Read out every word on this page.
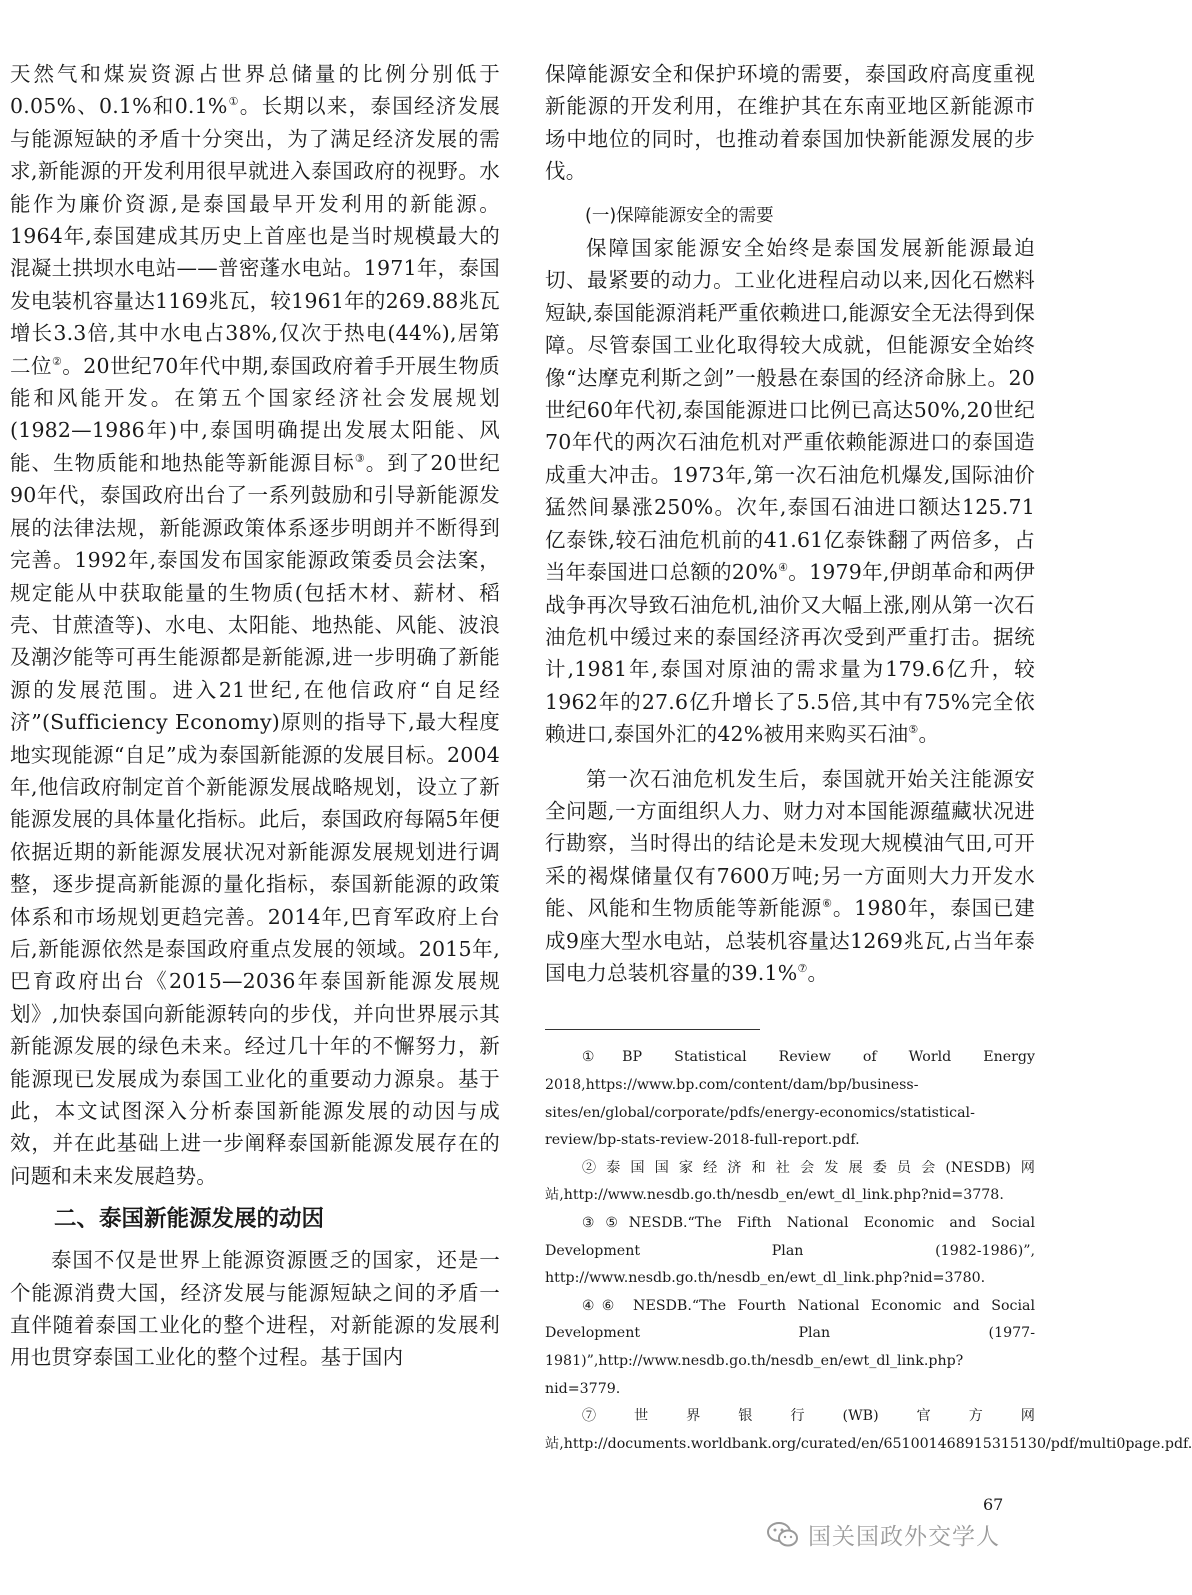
天然气和煤炭资源占世界总储量的比例分别低于0.05%、0.1%和0.1%①。长期以来，泰国经济发展与能源短缺的矛盾十分突出，为了满足经济发展的需求,新能源的开发利用很早就进入泰国政府的视野。水能作为廉价资源,是泰国最早开发利用的新能源。1964年,泰国建成其历史上首座也是当时规模最大的混凝土拱坝水电站——普密蓬水电站。1971年，泰国发电装机容量达1169兆瓦，较1961年的269.88兆瓦增长3.3倍,其中水电占38%,仅次于热电(44%),居第二位②。20世纪70年代中期,泰国政府着手开展生物质能和风能开发。在第五个国家经济社会发展规划(1982—1986年)中,泰国明确提出发展太阳能、风能、生物质能和地热能等新能源目标③。到了20世纪90年代，泰国政府出台了一系列鼓励和引导新能源发展的法律法规，新能源政策体系逐步明朗并不断得到完善。1992年,泰国发布国家能源政策委员会法案，规定能从中获取能量的生物质(包括木材、薪材、稻壳、甘蔗渣等)、水电、太阳能、地热能、风能、波浪及潮汐能等可再生能源都是新能源,进一步明确了新能源的发展范围。进入21世纪,在他信政府“自足经济”(Sufficiency Economy)原则的指导下,最大程度地实现能源“自足”成为泰国新能源的发展目标。2004年,他信政府制定首个新能源发展战略规划，设立了新能源发展的具体量化指标。此后，泰国政府每隔5年便依据近期的新能源发展状况对新能源发展规划进行调整，逐步提高新能源的量化指标，泰国新能源的政策体系和市场规划更趋完善。2014年,巴育军政府上台后,新能源依然是泰国政府重点发展的领域。2015年,巴育政府出台《2015—2036年泰国新能源发展规划》,加快泰国向新能源转向的步伐，并向世界展示其新能源发展的绿色未来。经过几十年的不懈努力，新能源现已发展成为泰国工业化的重要动力源泉。基于此，本文试图深入分析泰国新能源发展的动因与成效，并在此基础上进一步阐释泰国新能源发展存在的问题和未来发展趋势。

二、泰国新能源发展的动因

泰国不仅是世界上能源资源匮乏的国家，还是一个能源消费大国，经济发展与能源短缺之间的矛盾一直伴随着泰国工业化的整个进程，对新能源的发展利用也贯穿泰国工业化的整个过程。基于国内

保障能源安全和保护环境的需要，泰国政府高度重视新能源的开发利用，在维护其在东南亚地区新能源市场中地位的同时，也推动着泰国加快新能源发展的步伐。

(一)保障能源安全的需要

保障国家能源安全始终是泰国发展新能源最迫切、最紧要的动力。工业化进程启动以来,因化石燃料短缺,泰国能源消耗严重依赖进口,能源安全无法得到保障。尽管泰国工业化取得较大成就，但能源安全始终像“达摩克利斯之剑”一般悬在泰国的经济命脉上。20世纪60年代初,泰国能源进口比例已高达50%,20世纪70年代的两次石油危机对严重依赖能源进口的泰国造成重大冲击。1973年,第一次石油危机爆发,国际油价猛然间暴涨250%。次年,泰国石油进口额达125.71亿泰铢,较石油危机前的41.61亿泰铢翻了两倍多，占当年泰国进口总额的20%④。1979年,伊朗革命和两伊战争再次导致石油危机,油价又大幅上涨,刚从第一次石油危机中缓过来的泰国经济再次受到严重打击。据统计,1981年,泰国对原油的需求量为179.6亿升，较1962年的27.6亿升增长了5.5倍,其中有75%完全依赖进口,泰国外汇的42%被用来购买石油⑤。

第一次石油危机发生后，泰国就开始关注能源安全问题,一方面组织人力、财力对本国能源蕴藏状况进行勘察，当时得出的结论是未发现大规模油气田,可开采的褐煤储量仅有7600万吨;另一方面则大力开发水能、风能和生物质能等新能源⑥。1980年，泰国已建成9座大型水电站，总装机容量达1269兆瓦,占当年泰国电力总装机容量的39.1%⑦。

①BP Statistical Review of World Energy 2018,https://www.bp.com/content/dam/bp/business-sites/en/global/corporate/pdfs/energy-economics/statistical-review/bp-stats-review-2018-full-report.pdf.

②泰国国家经济和社会发展委员会(NESDB)网站,http://www.nesdb.go.th/nesdb_en/ewt_dl_link.php?nid=3778.

③⑤NESDB.“The Fifth National Economic and Social Development Plan (1982-1986)”, http://www.nesdb.go.th/nesdb_en/ewt_dl_link.php?nid=3780.

④⑥ NESDB.“The Fourth National Economic and Social Development Plan (1977-1981)”,http://www.nesdb.go.th/nesdb_en/ewt_dl_link.php?nid=3779.

⑦世界银行(WB)官方网站,http://documents.worldbank.org/curated/en/651001468915315130/pdf/multi0page.pdf.

67
国关国政外交学人
